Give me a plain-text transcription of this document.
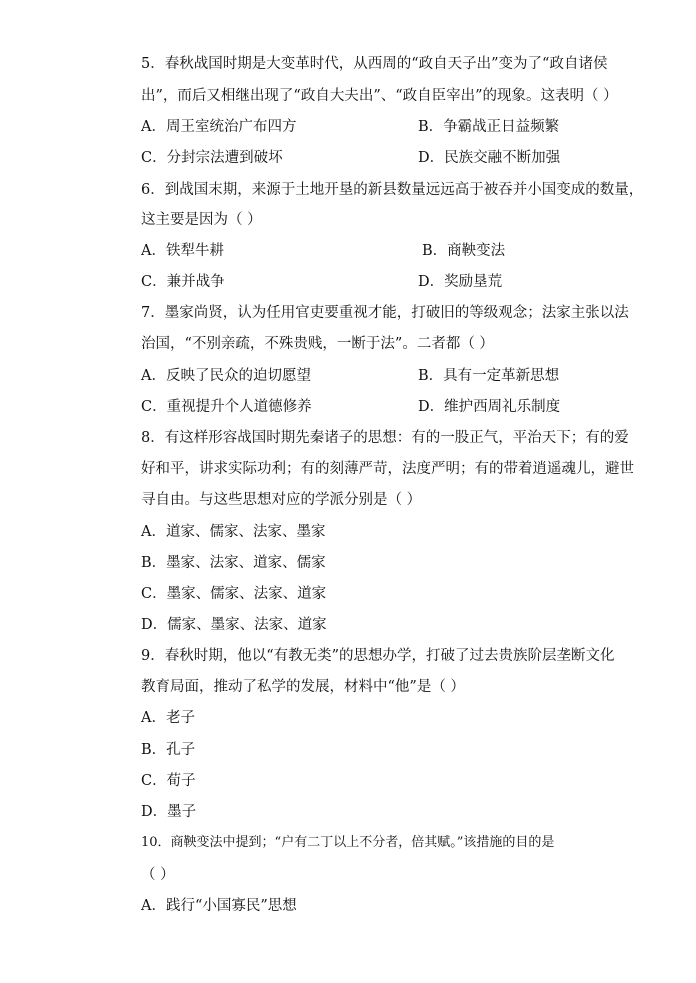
5．春秋战国时期是大变革时代，从西周的“政自天子出”变为了“政自诸侯
出”，而后又相继出现了“政自大夫出”、“政自臣宰出”的现象。这表明（ ）
A．周王室统治广布四方	B．争霸战正日益频繁
C．分封宗法遭到破坏	D．民族交融不断加强
6．到战国末期，来源于土地开垦的新县数量远远高于被吞并小国变成的数量，
这主要是因为（ ）
A．铁犁牛耕	B．商鞅变法
C．兼并战争	D．奖励垦荒
7．墨家尚贤，认为任用官吏要重视才能，打破旧的等级观念；法家主张以法
治国，“不别亲疏，不殊贵贱，一断于法”。二者都（ ）
A．反映了民众的迫切愿望	B．具有一定革新思想
C．重视提升个人道德修养	D．维护西周礼乐制度
8．有这样形容战国时期先秦诸子的思想：有的一股正气，平治天下；有的爱
好和平，讲求实际功利；有的刻薄严苛，法度严明；有的带着逍遥魂儿，避世
寻自由。与这些思想对应的学派分别是（ ）
A．道家、儒家、法家、墨家
B．墨家、法家、道家、儒家
C．墨家、儒家、法家、道家
D．儒家、墨家、法家、道家
9．春秋时期，他以“有教无类”的思想办学，打破了过去贵族阶层垄断文化
教育局面，推动了私学的发展，材料中“他”是（ ）
A．老子
B．孔子
C．荀子
D．墨子
10．商鞅变法中提到；“户有二丁以上不分者，倍其赋。”该措施的目的是
（ ）
A．践行“小国寡民”思想
